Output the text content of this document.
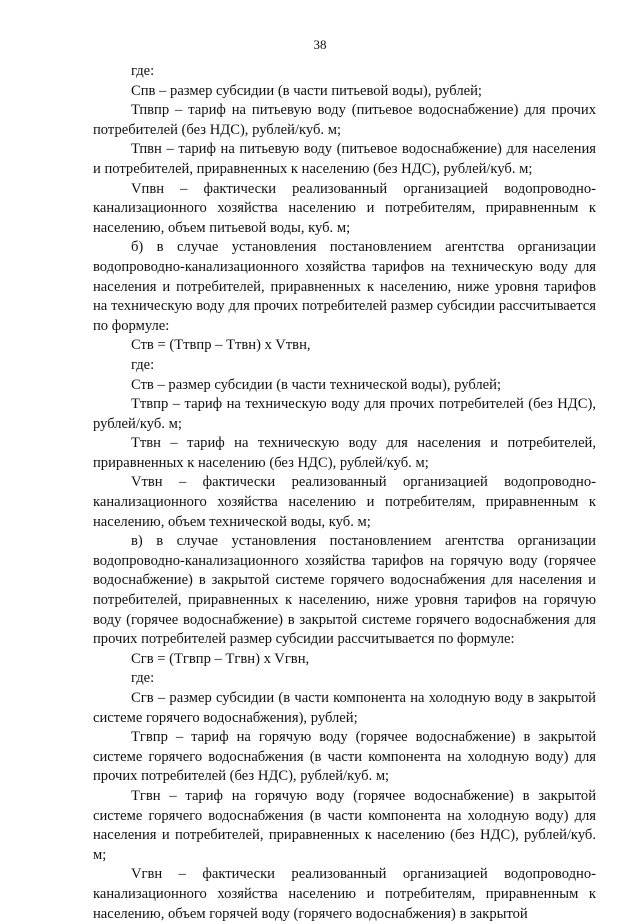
38

где:

Спв – размер субсидии (в части питьевой воды), рублей;

Тпвпр – тариф на питьевую воду (питьевое водоснабжение) для прочих потребителей (без НДС), рублей/куб. м;

Тпвн – тариф на питьевую воду (питьевое водоснабжение) для населения и потребителей, приравненных к населению (без НДС), рублей/куб. м;

Vпвн – фактически реализованный организацией водопроводно-канализационного хозяйства населению и потребителям, приравненным к населению, объем питьевой воды, куб. м;

б) в случае установления постановлением агентства организации водопроводно-канализационного хозяйства тарифов на техническую воду для населения и потребителей, приравненных к населению, ниже уровня тарифов на техническую воду для прочих потребителей размер субсидии рассчитывается по формуле:

Ств = (Ттвпр – Ттвн) x Vтвн,

где:

Ств – размер субсидии (в части технической воды), рублей;

Ттвпр – тариф на техническую воду для прочих потребителей (без НДС), рублей/куб. м;

Ттвн – тариф на техническую воду для населения и потребителей, приравненных к населению (без НДС), рублей/куб. м;

Vтвн – фактически реализованный организацией водопроводно-канализационного хозяйства населению и потребителям, приравненным к населению, объем технической воды, куб. м;

в) в случае установления постановлением агентства организации водопроводно-канализационного хозяйства тарифов на горячую воду (горячее водоснабжение) в закрытой системе горячего водоснабжения для населения и потребителей, приравненных к населению, ниже уровня тарифов на горячую воду (горячее водоснабжение) в закрытой системе горячего водоснабжения для прочих потребителей размер субсидии рассчитывается по формуле:

Сгв = (Тгвпр – Тгвн) x Vгвн,

где:

Сгв – размер субсидии (в части компонента на холодную воду в закрытой системе горячего водоснабжения), рублей;

Тгвпр – тариф на горячую воду (горячее водоснабжение) в закрытой системе горячего водоснабжения (в части компонента на холодную воду) для прочих потребителей (без НДС), рублей/куб. м;

Тгвн – тариф на горячую воду (горячее водоснабжение) в закрытой системе горячего водоснабжения (в части компонента на холодную воду) для населения и потребителей, приравненных к населению (без НДС), рублей/куб. м;

Vгвн – фактически реализованный организацией водопроводно-канализационного хозяйства населению и потребителям, приравненным к населению, объем горячей воду (горячего водоснабжения) в закрытой
